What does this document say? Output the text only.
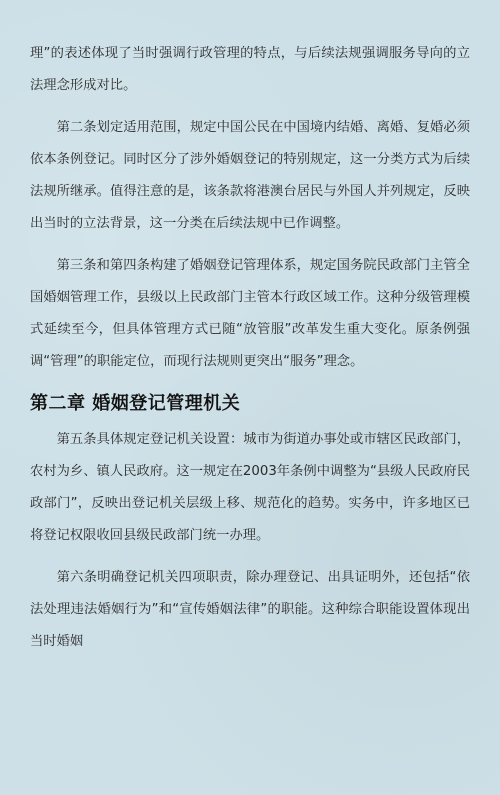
理”的表述体现了当时强调行政管理的特点，与后续法规强调服务导向的立法理念形成对比。

第二条划定适用范围，规定中国公民在中国境内结婚、离婚、复婚必须依本条例登记。同时区分了涉外婚姻登记的特别规定，这一分类方式为后续法规所继承。值得注意的是，该条款将港澳台居民与外国人并列规定，反映出当时的立法背景，这一分类在后续法规中已作调整。

第三条和第四条构建了婚姻登记管理体系，规定国务院民政部门主管全国婚姻管理工作，县级以上民政部门主管本行政区域工作。这种分级管理模式延续至今，但具体管理方式已随“放管服”改革发生重大变化。原条例强调“管理”的职能定位，而现行法规则更突出“服务”理念。

第二章 婚姻登记管理机关

第五条具体规定登记机关设置：城市为街道办事处或市辖区民政部门，农村为乡、镇人民政府。这一规定在2003年条例中调整为“县级人民政府民政部门”，反映出登记机关层级上移、规范化的趋势。实务中，许多地区已将登记权限收回县级民政部门统一办理。

第六条明确登记机关四项职责，除办理登记、出具证明外，还包括“依法处理违法婚姻行为”和“宣传婚姻法律”的职能。这种综合职能设置体现出当时婚姻
